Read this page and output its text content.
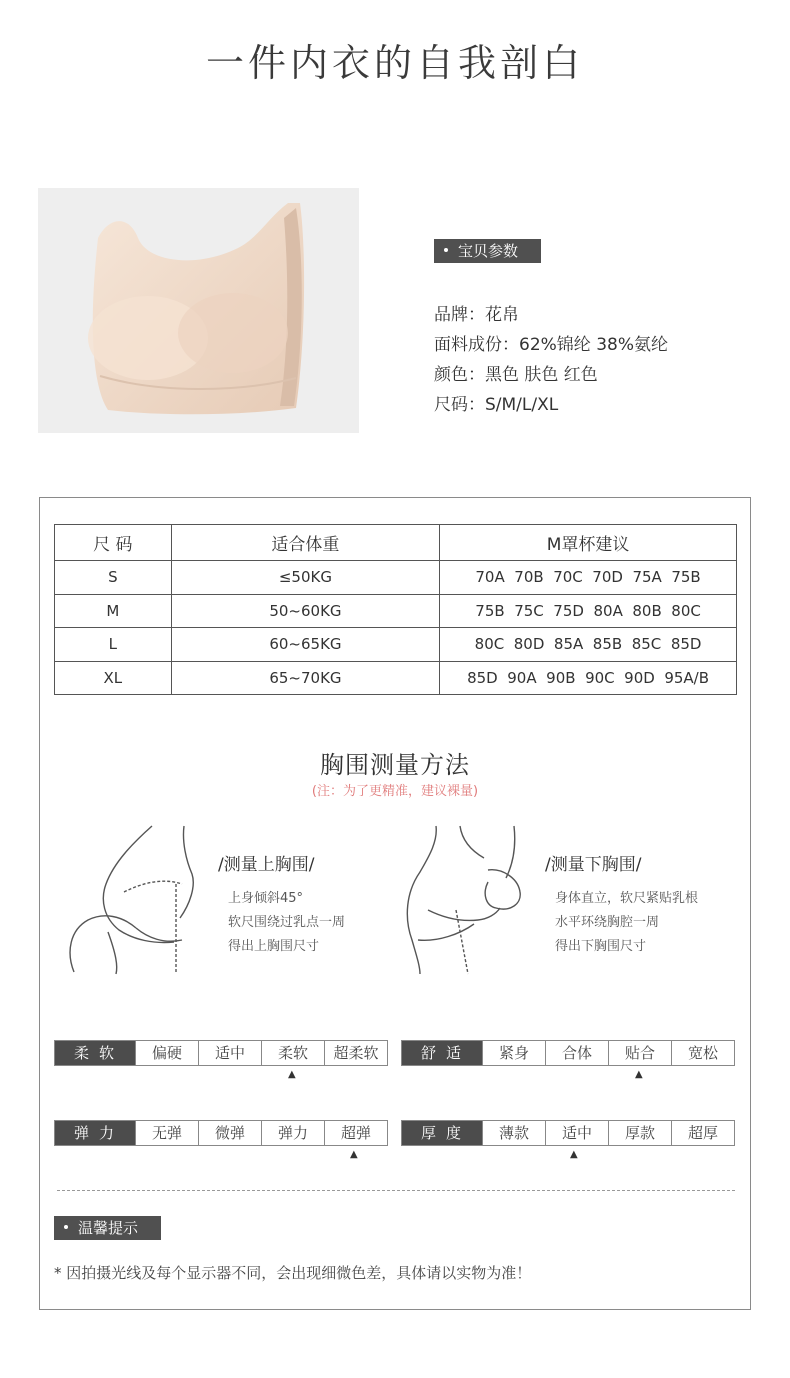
一件内衣的自我剖白
宝贝参数
品牌：花帛
面料成份：62%锦纶 38%氨纶
颜色：黑色 肤色 红色
尺码：S/M/L/XL
尺 码	适合体重	M罩杯建议
S	≤50KG	70A  70B  70C  70D  75A  75B
M	50~60KG	75B  75C  75D  80A  80B  80C
L	60~65KG	80C  80D  85A  85B  85C  85D
XL	65~70KG	85D  90A  90B  90C  90D  95A/B
胸围测量方法
(注：为了更精准，建议裸量)
/测量上胸围/
上身倾斜45°
软尺围绕过乳点一周
得出上胸围尺寸
/测量下胸围/
身体直立，软尺紧贴乳根
水平环绕胸腔一周
得出下胸围尺寸
柔软	偏硬	适中	柔软	超柔软
▲
舒适	紧身	合体	贴合	宽松
▲
弹力	无弹	微弹	弹力	超弹
▲
厚度	薄款	适中	厚款	超厚
▲
温馨提示
* 因拍摄光线及每个显示器不同，会出现细微色差，具体请以实物为准！
